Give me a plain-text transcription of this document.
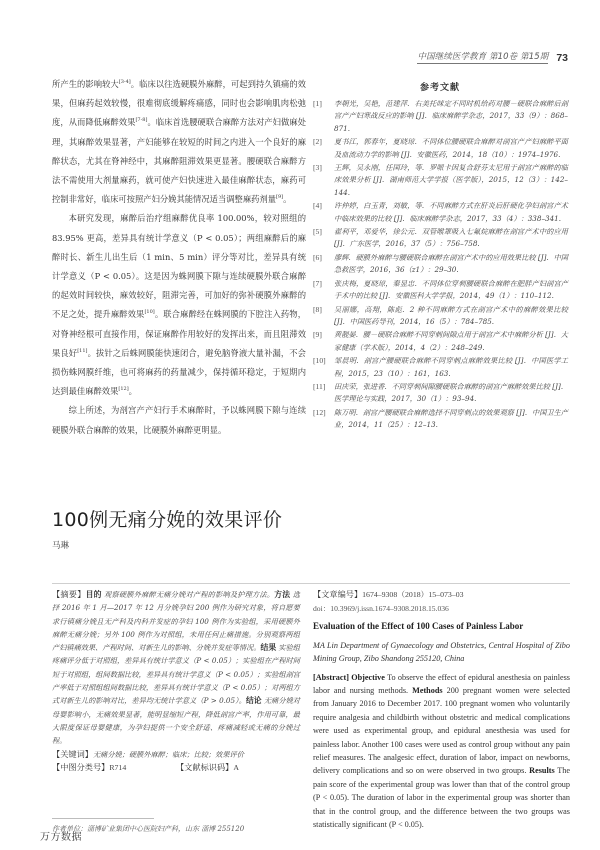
中国继续医学教育 第10卷 第15期 73

所产生的影响较大[3-4]。临床以往选硬膜外麻醉，可起到持久镇痛的效果，但麻药起效较慢，很难彻底缓解疼痛感，同时也会影响肌肉松弛度，从而降低麻醉效果[7-8]。临床首选腰硬联合麻醉方法对产妇做麻处理，其麻醉效果显著，产妇能够在较短的时间之内进入一个良好的麻醉状态，尤其在脊神经中，其麻醉阻滞效果更显著。腰硬联合麻醉方法不需使用大剂量麻药，就可使产妇快速进入最佳麻醉状态，麻药可控制非常好，临床可按照产妇分娩其能情况适当调整麻药剂量[9]。

本研究发现，麻醉后治疗组麻醉优良率 100.00%，较对照组的 83.95% 更高，差异具有统计学意义（P < 0.05）；两组麻醉后的麻醉时长、新生儿出生后（1 min、5 min）评分等对比，差异具有统计学意义（P < 0.05）。这是因为蛛网膜下隙与连续硬膜外联合麻醉的起效时间较快，麻效较好，阻滞完善，可加好的弥补硬膜外麻醉的不足之处，提升麻醉效果[10]。联合麻醉经在蛛网膜的下腔注入药物，对脊神经根可直接作用，保证麻醉作用较好的发挥出来，而且阻滞效果良好[11]。拔针之后蛛网膜能快速闭合，避免脑脊液大量补漏，不会损伤蛛网膜纤维，也可将麻药的药量减少，保持循环稳定，于短期内达到最佳麻醉效果[12]。

综上所述，为剖宫产产妇行手术麻醉时，予以蛛网膜下隙与连续硬膜外联合麻醉的效果，比硬膜外麻醉更明显。

参考文献
[1]	李朝光，吴艳，范建萍．右美托咪定不同时机给药对腰－硬联合麻醉后剖宫产产妇寒战反应的影响 [J]．临床麻醉学杂志，2017，33（9）：868–871.
[2]	夏书江，郭春年，夏晓琼．不同体位腰硬联合麻醉对剖宫产产妇麻醉平面及血流动力学的影响 [J]．安徽医药，2014，18（10）：1974–1976.
[3]	王辉，吴永刚，任国玲，等．罗哌卡因复合舒芬太尼用于剖宫产麻醉的临床效果分析 [J]．湖南师范大学学报（医学版），2015，12（3）：142–144.
[4]	许仲婷，白玉青，刘敏，等．不同麻醉方式在肝炎后肝硬化孕妇剖宫产术中临床效果的比较 [J]．临床麻醉学杂志，2017，33（4）：338–341.
[5]	翟利平，邓爱华，徐公元．双管喉罩吸入七氟烷麻醉在剖宫产术中的应用 [J]．广东医学，2016，37（5）：756–758.
[6]	廖辉．硬膜外麻醉与腰硬联合麻醉在剖宫产术中的应用效果比较 [J]．中国急救医学，2016，36（z1）：29–30.
[7]	张庆梅，夏晓琼，秦显忠．不同体位穿刺腰硬联合麻醉在肥胖产妇剖宫产手术中的比较 [J]．安徽医科大学学报，2014，49（1）：110–112.
[8]	吴丽娜，高翔，陈彪．2 种不同麻醉方式在剖宫产术中的麻醉效果比较 [J]．中国医药导刊，2014，16（5）：784–785.
[9]	黄靓晏．腰－硬联合麻醉不同穿刺间隙点用于剖宫产术中麻醉分析 [J]．大家健康（学术版），2014，4（2）：248–249.
[10]	邹晨明．剖宫产腰硬联合麻醉不同穿刺点麻醉效果比较 [J]．中国医学工程，2015，23（10）：161，163.
[11]	田庆荣，张进香．不同穿刺间隙腰硬联合麻醉的剖宫产麻醉效果比较 [J]．医学理论与实践，2017，30（1）：93–94.
[12]	陈万明．剖宫产腰硬联合麻醉选择不同穿刺点的效果观察 [J]．中国卫生产业，2014，11（25）：12–13.
100例无痛分娩的效果评价
马琳
【摘要】目的 观察硬膜外麻醉无痛分娩对产程的影响及护理方法。方法 选择 2016 年 1 月—2017 年 12 月分娩孕妇 200 例作为研究对象，将自愿要求行镇痛分娩且无产科及内科并发症的孕妇 100 例作为实验组，采用硬膜外麻醉无痛分娩；另外 100 例作为对照组，未用任何止痛措施。分别观察两组产妇镇痛效果、产程时间、对新生儿的影响、分娩并发症等情况。结果 实验组疼痛评分低于对照组，差异具有统计学意义（P < 0.05）；实验组在产程时间短于对照组，组间数据比较，差异具有统计学意义（P < 0.05）；实验组剖宫产率低于对照组组间数据比较，差异具有统计学意义（P < 0.05）；对两组方式对新生儿的影响对比，差异均无统计学意义（P > 0.05）。结论 无痛分娩对母婴影响小，无痛效果显著，能明显缩短产程，降低剖宫产率，作用可靠，最大限度保证母婴健康，为孕妇提供一个安全舒适、疼痛减轻或无痛的分娩过程。
【关键词】无痛分娩；硬膜外麻醉；临床；比较；效果评价
【中图分类号】R714	【文献标识码】A
作者单位：淄博矿业集团中心医院妇产科，山东 淄博 255120
【文章编号】1674–9308（2018）15–073–03
doi：10.3969/j.issn.1674–9308.2018.15.036
Evaluation of the Effect of 100 Cases of Painless Labor
MA Lin Department of Gynaecology and Obstetrics, Central Hospital of Zibo Mining Group, Zibo Shandong 255120, China
[Abstract] Objective To observe the effect of epidural anesthesia on painless labor and nursing methods. Methods 200 pregnant women were selected from January 2016 to December 2017. 100 pregnant women who voluntarily require analgesia and childbirth without obstetric and medical complications were used as experimental group, and epidural anesthesia was used for painless labor. Another 100 cases were used as control group without any pain relief measures. The analgesic effect, duration of labor, impact on newborns, delivery complications and so on were observed in two groups. Results The pain score of the experimental group was lower than that of the control group (P < 0.05). The duration of labor in the experimental group was shorter than that in the control group, and the difference between the two groups was statistically significant (P < 0.05).
万方数据
